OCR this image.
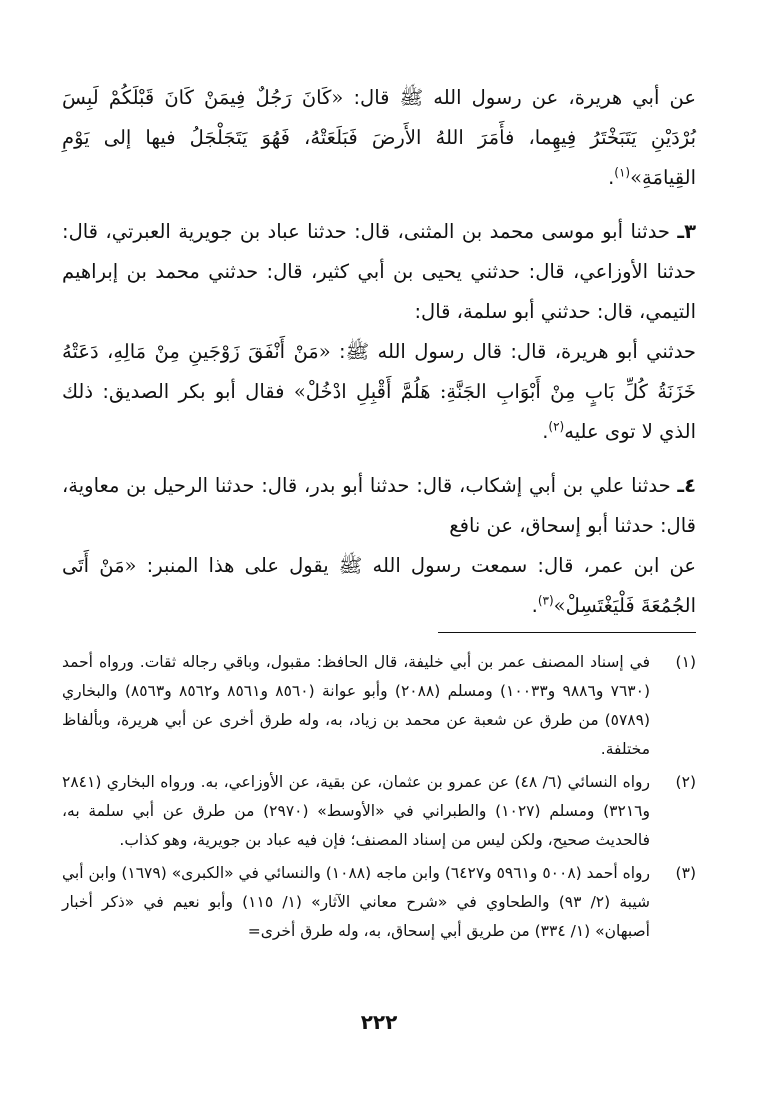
عن أبي هريرة، عن رسول الله ﷺ قال: «كَانَ رَجُلٌ فِيمَنْ كَانَ قَبْلَكُمْ لَبِسَ بُرْدَيْنِ يَتَبَخْتَرُ فِيهِما، فأَمَرَ اللهُ الأَرضَ فَبَلَعَتْهُ، فَهُوَ يَتَجَلْجَلُ فيها إلى يَوْمِ القِيامَةِ»$^{(١)}$.

٣ـ حدثنا أبو موسى محمد بن المثنى، قال: حدثنا عباد بن جويرية العبرتي، قال: حدثنا الأوزاعي، قال: حدثني يحيى بن أبي كثير، قال: حدثني محمد بن إبراهيم التيمي، قال: حدثني أبو سلمة، قال:

حدثني أبو هريرة، قال: قال رسول الله ﷺ: «مَنْ أَنْفَقَ زَوْجَينِ مِنْ مَالِهِ، دَعَتْهُ خَزَنَةُ كُلِّ بَابٍ مِنْ أَبْوَابِ الجَنَّةِ: هَلُمَّ أَقْبِلِ ادْخُلْ» فقال أبو بكر الصديق: ذلك الذي لا توى عليه$^{(٢)}$.

٤ـ حدثنا علي بن أبي إشكاب، قال: حدثنا أبو بدر، قال: حدثنا الرحيل بن معاوية، قال: حدثنا أبو إسحاق، عن نافع

عن ابن عمر، قال: سمعت رسول الله ﷺ يقول على هذا المنبر: «مَنْ أَتَى الجُمُعَةَ فَلْيَغْتَسِلْ»$^{(٣)}$.

(١)
في إسناد المصنف عمر بن أبي خليفة، قال الحافظ: مقبول، وباقي رجاله ثقات. ورواه أحمد (٧٦٣٠ و٩٨٨٦ و١٠٠٣٣) ومسلم (٢٠٨٨) وأبو عوانة (٨٥٦٠ و٨٥٦١ و٨٥٦٢ و٨٥٦٣) والبخاري (٥٧٨٩) من طرق عن شعبة عن محمد بن زياد، به، وله طرق أخرى عن أبي هريرة، وبألفاظ مختلفة.
(٢)
رواه النسائي (٦/ ٤٨) عن عمرو بن عثمان، عن بقية، عن الأوزاعي، به. ورواه البخاري (٢٨٤١ و٣٢١٦) ومسلم (١٠٢٧) والطبراني في «الأوسط» (٢٩٧٠) من طرق عن أبي سلمة به، فالحديث صحيح، ولكن ليس من إسناد المصنف؛ فإن فيه عباد بن جويرية، وهو كذاب.
(٣)
رواه أحمد (٥٠٠٨ و٥٩٦١ و٦٤٢٧) وابن ماجه (١٠٨٨) والنسائي في «الكبرى» (١٦٧٩) وابن أبي شيبة (٢/ ٩٣) والطحاوي في «شرح معاني الآثار» (١/ ١١٥) وأبو نعيم في «ذكر أخبار أصبهان» (١/ ٣٣٤) من طريق أبي إسحاق، به، وله طرق أخرى=
٢٢٢
